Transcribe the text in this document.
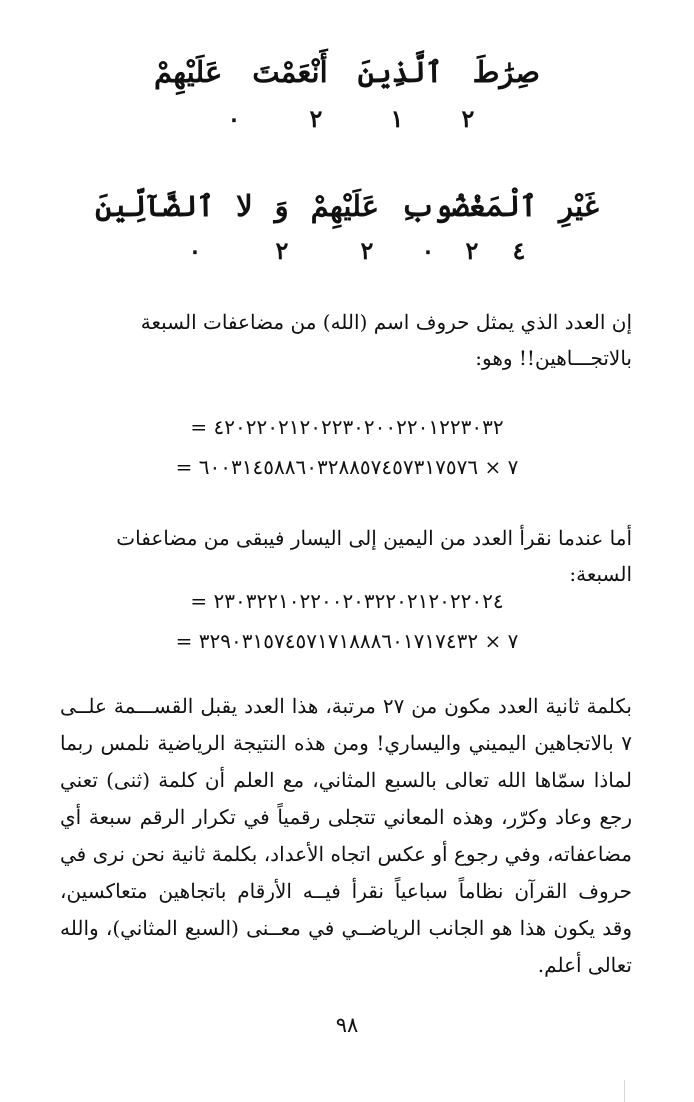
صِرَٰطَ
ٱلَّذِينَ
أَنْعَمْتَ
عَلَيْهِمْ
٢
١
٢
٠
غَيْرِ
ٱلْمَغْضُوبِ
عَلَيْهِمْ
وَ
لا
ٱلضَّآلِّينَ
٤
٢
٠
٢
٢
٠

إن العدد الذي يمثل حروف اسم (الله) من مضاعفات السبعة بالاتجـــاهين!! وهو:

= ٤٢٠٢٢٠٢١٢٠٢٢٣٠٢٠٠٢٢٠١٢٢٣٠٣٢
= ٧ × ٦٠٠٣١٤٥٨٨٦٠٣٢٨٨٥٧٤٥٧٣١٧٥٧٦

أما عندما نقرأ العدد من اليمين إلى اليسار فيبقى من مضاعفات السبعة:

= ٢٣٠٣٢٢١٠٢٢٠٠٢٠٣٢٢٠٢١٢٠٢٢٠٢٤
= ٧ × ٣٢٩٠٣١٥٧٤٥٧١٧١٨٨٨٦٠١٧١٧٤٣٢

بكلمة ثانية العدد مكون من ٢٧ مرتبة، هذا العدد يقبل القســـمة علــى ٧ بالاتجاهين اليميني واليساري! ومن هذه النتيجة الرياضية نلمس ربما لماذا سمّاها الله تعالى بالسبع المثاني، مع العلم أن كلمة (ثنى) تعني رجع وعاد وكرّر، وهذه المعاني تتجلى رقمياً في تكرار الرقم سبعة أي مضاعفاته، وفي رجوع أو عكس اتجاه الأعداد، بكلمة ثانية نحن نرى في حروف القرآن نظاماً سباعياً نقرأ فيــه الأرقام باتجاهين متعاكسين، وقد يكون هذا هو الجانب الرياضــي في معــنى (السبع المثاني)، والله تعالى أعلم.

٩٨
